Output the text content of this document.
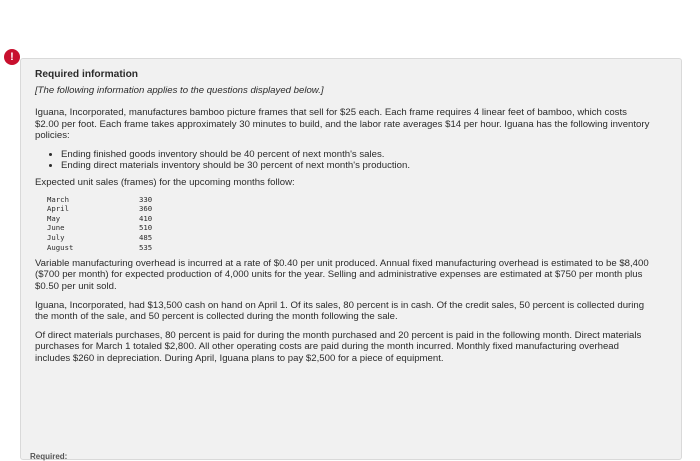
!
Required information
[The following information applies to the questions displayed below.]

Iguana, Incorporated, manufactures bamboo picture frames that sell for $25 each. Each frame requires 4 linear feet of bamboo, which costs $2.00 per foot. Each frame takes approximately 30 minutes to build, and the labor rate averages $14 per hour. Iguana has the following inventory policies:

• Ending finished goods inventory should be 40 percent of next month's sales.
• Ending direct materials inventory should be 30 percent of next month's production.
Expected unit sales (frames) for the upcoming months follow:
March	330
April	360
May	410
June	510
July	485
August	535

Variable manufacturing overhead is incurred at a rate of $0.40 per unit produced. Annual fixed manufacturing overhead is estimated to be $8,400 ($700 per month) for expected production of 4,000 units for the year. Selling and administrative expenses are estimated at $750 per month plus $0.50 per unit sold.

Iguana, Incorporated, had $13,500 cash on hand on April 1. Of its sales, 80 percent is in cash. Of the credit sales, 50 percent is collected during the month of the sale, and 50 percent is collected during the month following the sale.

Of direct materials purchases, 80 percent is paid for during the month purchased and 20 percent is paid in the following month. Direct materials purchases for March 1 totaled $2,800. All other operating costs are paid during the month incurred. Monthly fixed manufacturing overhead includes $260 in depreciation. During April, Iguana plans to pay $2,500 for a piece of equipment.

Required:
